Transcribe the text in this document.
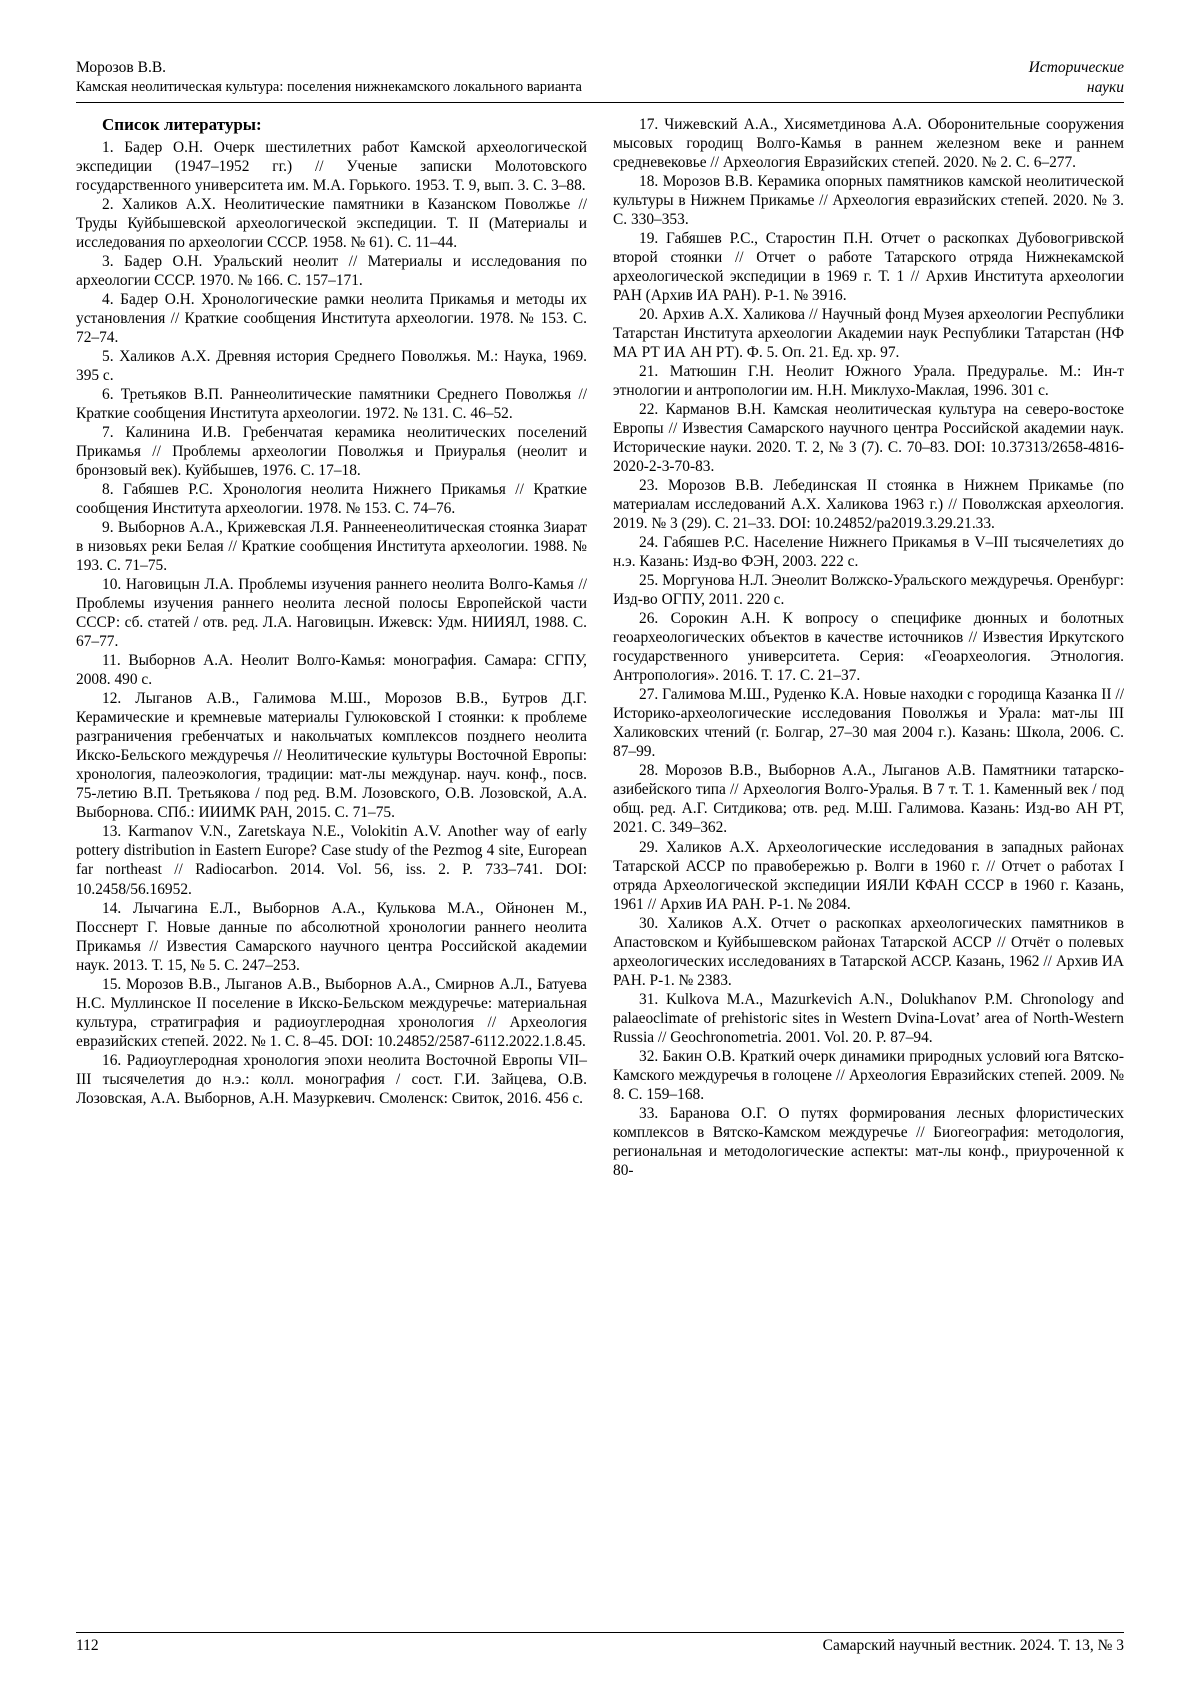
Морозов В.В.
Камская неолитическая культура: поселения нижнекамского локального варианта
Исторические
науки
Список литературы:

1. Бадер О.Н. Очерк шестилетних работ Камской археологической экспедиции (1947–1952 гг.) // Ученые записки Молотовского государственного университета им. М.А. Горького. 1953. Т. 9, вып. 3. С. 3–88.

2. Халиков А.Х. Неолитические памятники в Казанском Поволжье // Труды Куйбышевской археологической экспедиции. Т. II (Материалы и исследования по археологии СССР. 1958. № 61). С. 11–44.

3. Бадер О.Н. Уральский неолит // Материалы и исследования по археологии СССР. 1970. № 166. С. 157–171.

4. Бадер О.Н. Хронологические рамки неолита Прикамья и методы их установления // Краткие сообщения Института археологии. 1978. № 153. С. 72–74.

5. Халиков А.Х. Древняя история Среднего Поволжья. М.: Наука, 1969. 395 с.

6. Третьяков В.П. Раннеолитические памятники Среднего Поволжья // Краткие сообщения Института археологии. 1972. № 131. С. 46–52.

7. Калинина И.В. Гребенчатая керамика неолитических поселений Прикамья // Проблемы археологии Поволжья и Приуралья (неолит и бронзовый век). Куйбышев, 1976. С. 17–18.

8. Габяшев Р.С. Хронология неолита Нижнего Прикамья // Краткие сообщения Института археологии. 1978. № 153. С. 74–76.

9. Выборнов А.А., Крижевская Л.Я. Раннеенеолитическая стоянка Зиарат в низовьях реки Белая // Краткие сообщения Института археологии. 1988. № 193. С. 71–75.

10. Наговицын Л.А. Проблемы изучения раннего неолита Волго-Камья // Проблемы изучения раннего неолита лесной полосы Европейской части СССР: сб. статей / отв. ред. Л.А. Наговицын. Ижевск: Удм. НИИЯЛ, 1988. С. 67–77.

11. Выборнов А.А. Неолит Волго-Камья: монография. Самара: СГПУ, 2008. 490 с.

12. Лыганов А.В., Галимова М.Ш., Морозов В.В., Бутров Д.Г. Керамические и кремневые материалы Гулюковской I стоянки: к проблеме разграничения гребенчатых и накольчатых комплексов позднего неолита Икско-Бельского междуречья // Неолитические культуры Восточной Европы: хронология, палеоэкология, традиции: мат-лы междунар. науч. конф., посв. 75-летию В.П. Третьякова / под ред. В.М. Лозовского, О.В. Лозовской, А.А. Выборнова. СПб.: ИИИМК РАН, 2015. С. 71–75.

13. Karmanov V.N., Zaretskaya N.E., Volokitin A.V. Another way of early pottery distribution in Eastern Europe? Case study of the Pezmog 4 site, European far northeast // Radiocarbon. 2014. Vol. 56, iss. 2. P. 733–741. DOI: 10.2458/56.16952.

14. Лычагина Е.Л., Выборнов А.А., Кулькова М.А., Ойнонен М., Посснерт Г. Новые данные по абсолютной хронологии раннего неолита Прикамья // Известия Самарского научного центра Российской академии наук. 2013. Т. 15, № 5. С. 247–253.

15. Морозов В.В., Лыганов А.В., Выборнов А.А., Смирнов А.Л., Батуева Н.С. Муллинское II поселение в Икско-Бельском междуречье: материальная культура, стратиграфия и радиоуглеродная хронология // Археология евразийских степей. 2022. № 1. С. 8–45. DOI: 10.24852/2587-6112.2022.1.8.45.

16. Радиоуглеродная хронология эпохи неолита Восточной Европы VII–III тысячелетия до н.э.: колл. монография / сост. Г.И. Зайцева, О.В. Лозовская, А.А. Выборнов, А.Н. Мазуркевич. Смоленск: Свиток, 2016. 456 с.

17. Чижевский А.А., Хисяметдинова А.А. Оборонительные сооружения мысовых городищ Волго-Камья в раннем железном веке и раннем средневековье // Археология Евразийских степей. 2020. № 2. С. 6–277.

18. Морозов В.В. Керамика опорных памятников камской неолитической культуры в Нижнем Прикамье // Археология евразийских степей. 2020. № 3. С. 330–353.

19. Габяшев Р.С., Старостин П.Н. Отчет о раскопках Дубовогривской второй стоянки // Отчет о работе Татарского отряда Нижнекамской археологической экспедиции в 1969 г. Т. 1 // Архив Института археологии РАН (Архив ИА РАН). Р-1. № 3916.

20. Архив А.Х. Халикова // Научный фонд Музея археологии Республики Татарстан Института археологии Академии наук Республики Татарстан (НФ МА РТ ИА АН РТ). Ф. 5. Оп. 21. Ед. хр. 97.

21. Матюшин Г.Н. Неолит Южного Урала. Предуралье. М.: Ин-т этнологии и антропологии им. Н.Н. Миклухо-Маклая, 1996. 301 с.

22. Карманов В.Н. Камская неолитическая культура на северо-востоке Европы // Известия Самарского научного центра Российской академии наук. Исторические науки. 2020. Т. 2, № 3 (7). С. 70–83. DOI: 10.37313/2658-4816-2020-2-3-70-83.

23. Морозов В.В. Лебединская II стоянка в Нижнем Прикамье (по материалам исследований А.Х. Халикова 1963 г.) // Поволжская археология. 2019. № 3 (29). С. 21–33. DOI: 10.24852/pa2019.3.29.21.33.

24. Габяшев Р.С. Население Нижнего Прикамья в V–III тысячелетиях до н.э. Казань: Изд-во ФЭН, 2003. 222 с.

25. Моргунова Н.Л. Энеолит Волжско-Уральского междуречья. Оренбург: Изд-во ОГПУ, 2011. 220 с.

26. Сорокин А.Н. К вопросу о специфике дюнных и болотных геоархеологических объектов в качестве источников // Известия Иркутского государственного университета. Серия: «Геоархеология. Этнология. Антропология». 2016. Т. 17. С. 21–37.

27. Галимова М.Ш., Руденко К.А. Новые находки с городища Казанка II // Историко-археологические исследования Поволжья и Урала: мат-лы III Халиковских чтений (г. Болгар, 27–30 мая 2004 г.). Казань: Школа, 2006. С. 87–99.

28. Морозов В.В., Выборнов А.А., Лыганов А.В. Памятники татарско-азибейского типа // Археология Волго-Уралья. В 7 т. Т. 1. Каменный век / под общ. ред. А.Г. Ситдикова; отв. ред. М.Ш. Галимова. Казань: Изд-во АН РТ, 2021. С. 349–362.

29. Халиков А.Х. Археологические исследования в западных районах Татарской АССР по правобережью р. Волги в 1960 г. // Отчет о работах I отряда Археологической экспедиции ИЯЛИ КФАН СССР в 1960 г. Казань, 1961 // Архив ИА РАН. Р-1. № 2084.

30. Халиков А.Х. Отчет о раскопках археологических памятников в Апастовском и Куйбышевском районах Татарской АССР // Отчёт о полевых археологических исследованиях в Татарской АССР. Казань, 1962 // Архив ИА РАН. Р-1. № 2383.

31. Kulkova M.A., Mazurkevich A.N., Dolukhanov P.M. Chronology and palaeoclimate of prehistoric sites in Western Dvina-Lovat’ area of North-Western Russia // Geochronometria. 2001. Vol. 20. P. 87–94.

32. Бакин О.В. Краткий очерк динамики природных условий юга Вятско-Камского междуречья в голоцене // Археология Евразийских степей. 2009. № 8. С. 159–168.

33. Баранова О.Г. О путях формирования лесных флористических комплексов в Вятско-Камском междуречье // Биогеография: методология, региональная и методологические аспекты: мат-лы конф., приуроченной к 80-

112	Самарский научный вестник. 2024. Т. 13, № 3
